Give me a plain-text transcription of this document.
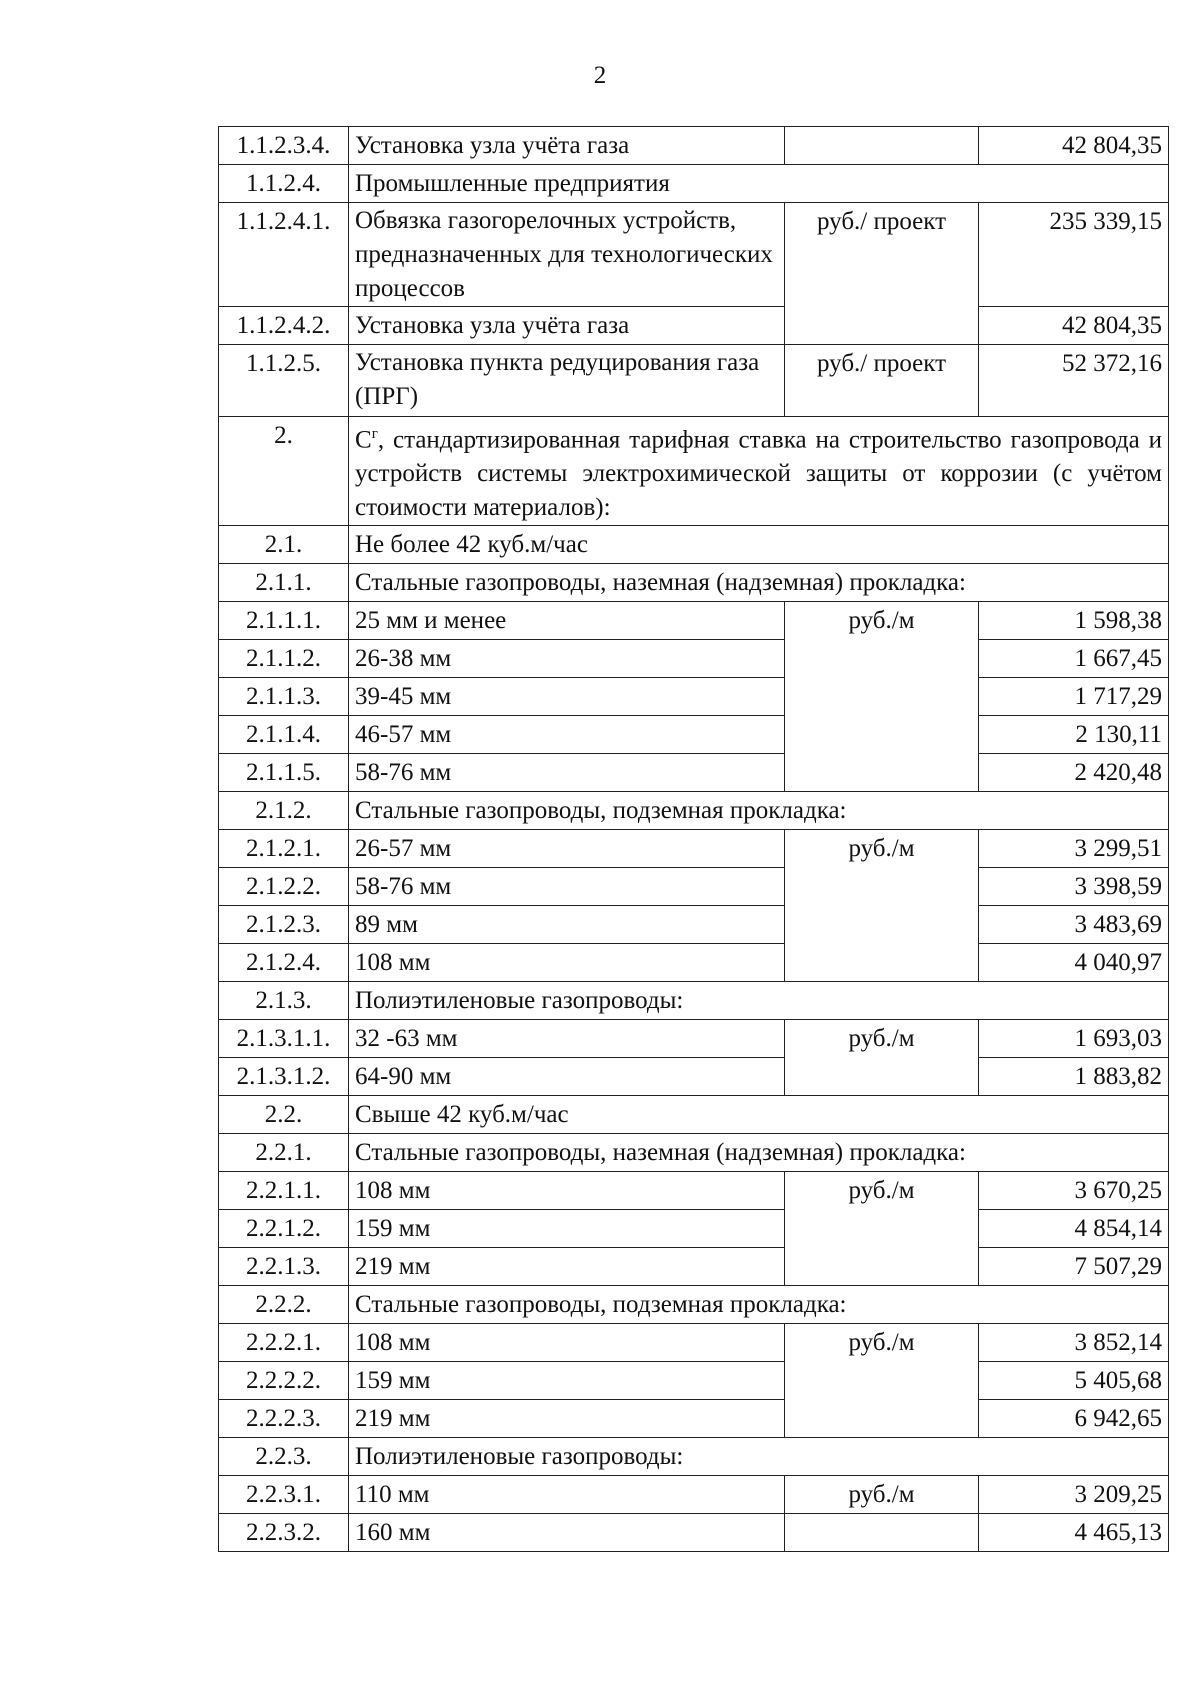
2
1.1.2.3.4.	Установка узла учёта газа		42 804,35
1.1.2.4.	Промышленные предприятия		
1.1.2.4.1.	Обвязка газогорелочных устройств, предназначенных для технологических процессов	руб./ проект	235 339,15
1.1.2.4.2.	Установка узла учёта газа		42 804,35
1.1.2.5.	Установка пункта редуцирования газа (ПРГ)	руб./ проект	52 372,16
2.	$С^г$, стандартизированная тарифная ставка на строительство газопровода и устройств системы электрохимической защиты от коррозии (с учётом стоимости материалов):		
2.1.	Не более 42 куб.м/час		
2.1.1.	Стальные газопроводы, наземная (надземная) прокладка:		
2.1.1.1.	25 мм и менее	руб./м	1 598,38
2.1.1.2.	26-38 мм		1 667,45
2.1.1.3.	39-45 мм		1 717,29
2.1.1.4.	46-57 мм		2 130,11
2.1.1.5.	58-76 мм		2 420,48
2.1.2.	Стальные газопроводы, подземная прокладка:		
2.1.2.1.	26-57 мм	руб./м	3 299,51
2.1.2.2.	58-76 мм		3 398,59
2.1.2.3.	89 мм		3 483,69
2.1.2.4.	108 мм		4 040,97
2.1.3.	Полиэтиленовые газопроводы:		
2.1.3.1.1.	32 -63 мм	руб./м	1 693,03
2.1.3.1.2.	64-90 мм		1 883,82
2.2.	Свыше 42 куб.м/час		
2.2.1.	Стальные газопроводы, наземная (надземная) прокладка:		
2.2.1.1.	108 мм	руб./м	3 670,25
2.2.1.2.	159 мм		4 854,14
2.2.1.3.	219 мм		7 507,29
2.2.2.	Стальные газопроводы, подземная прокладка:		
2.2.2.1.	108 мм	руб./м	3 852,14
2.2.2.2.	159 мм		5 405,68
2.2.2.3.	219 мм		6 942,65
2.2.3.	Полиэтиленовые газопроводы:		
2.2.3.1.	110 мм	руб./м	3 209,25
2.2.3.2.	160 мм		4 465,13
